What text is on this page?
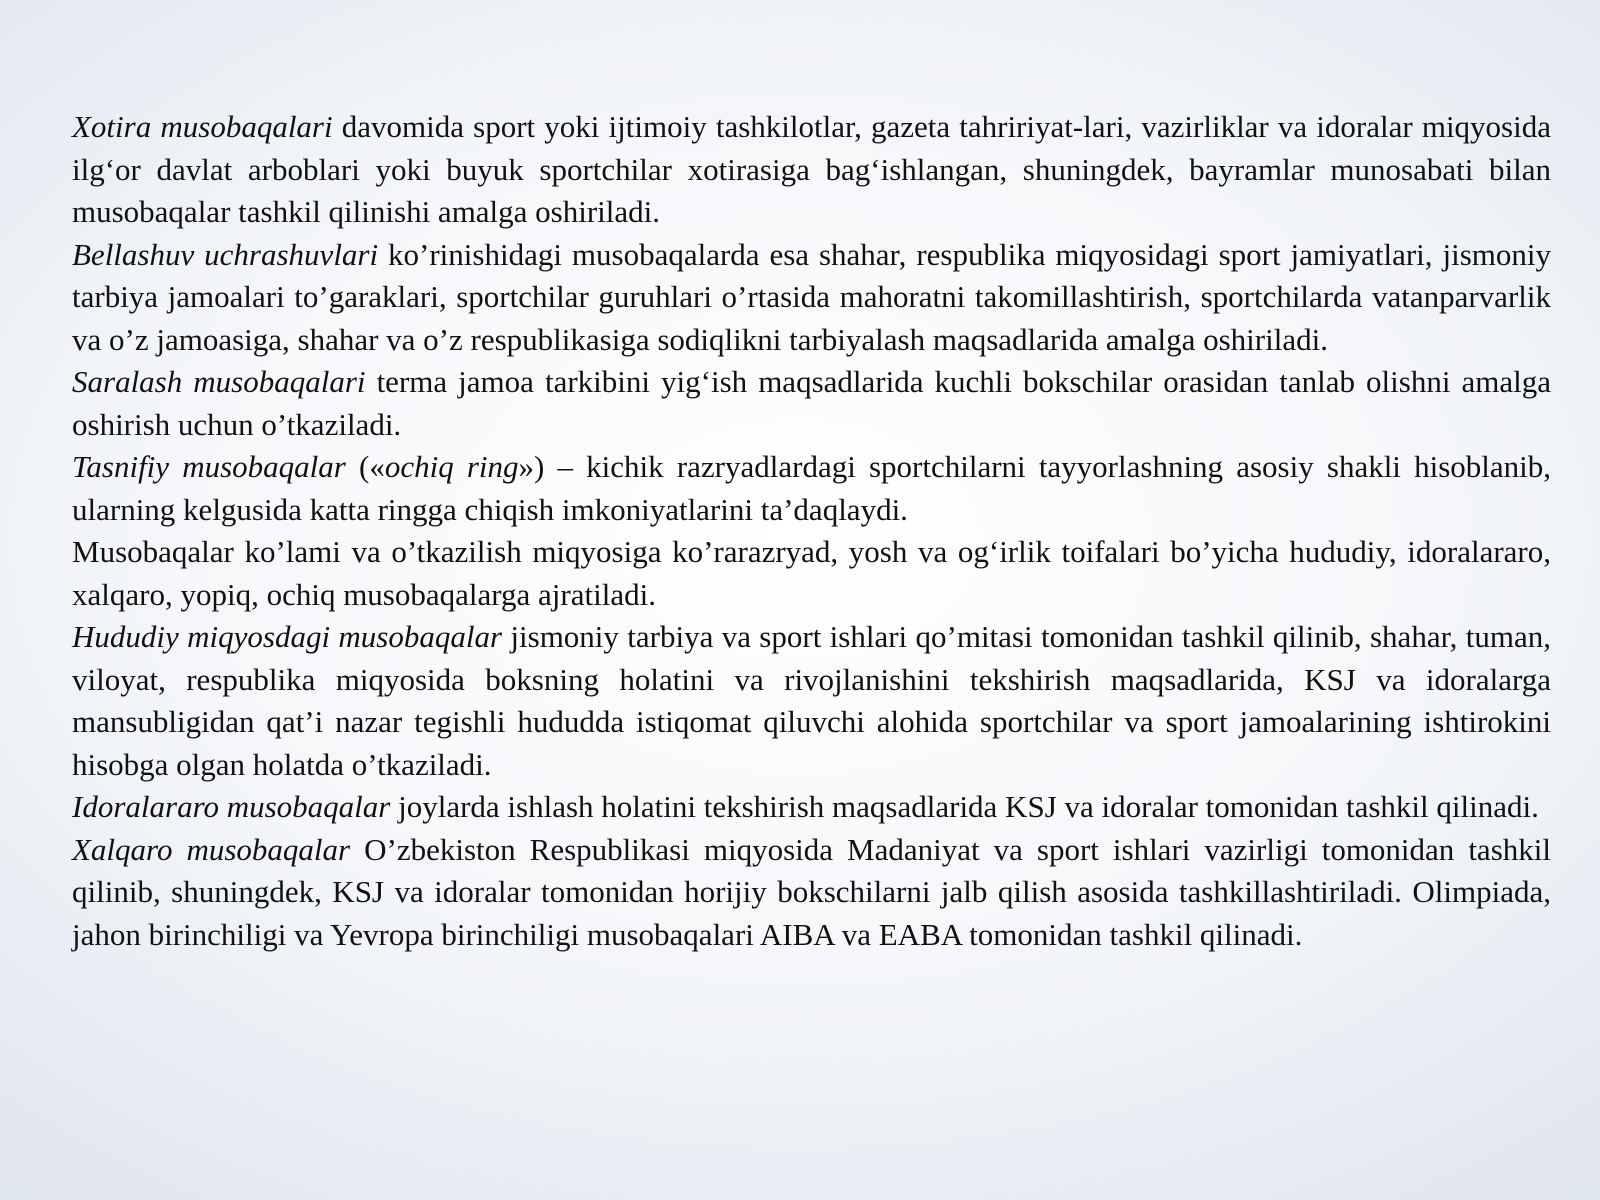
Xotira musobaqalari davomida sport yoki ijtimoiy tashkilotlar, gazeta tahririyat-lari, vazirliklar va idoralar miqyosida ilg‘or davlat arboblari yoki buyuk sportchilar xotirasiga bag‘ishlangan, shuningdek, bayramlar munosabati bilan musobaqalar tashkil qilinishi amalga oshiriladi.

Bellashuv uchrashuvlari ko’rinishidagi musobaqalarda esa shahar, respublika miqyosidagi sport jamiyatlari, jismoniy tarbiya jamoalari to’garaklari, sportchilar guruhlari o’rtasida mahoratni takomillashtirish, sportchilarda vatanparvarlik va o’z jamoasiga, shahar va o’z respublikasiga sodiqlikni tarbiyalash maqsadlarida amalga oshiriladi.

Saralash musobaqalari terma jamoa tarkibini yig‘ish maqsadlarida kuchli bokschilar orasidan tanlab olishni amalga oshirish uchun o’tkaziladi.

Tasnifiy musobaqalar («ochiq ring») – kichik razryadlardagi sportchilarni tayyorlashning asosiy shakli hisoblanib, ularning kelgusida katta ringga chiqish imkoniyatlarini ta’daqlaydi.

Musobaqalar ko’lami va o’tkazilish miqyosiga ko’rarazryad, yosh va og‘irlik toifalari bo’yicha hududiy, idoralararo, xalqaro, yopiq, ochiq musobaqalarga ajratiladi.

Hududiy miqyosdagi musobaqalar jismoniy tarbiya va sport ishlari qo’mitasi tomonidan tashkil qilinib, shahar, tuman, viloyat, respublika miqyosida boksning holatini va rivojlanishini tekshirish maqsadlarida, KSJ va idoralarga mansubligidan qat’i nazar tegishli hududda istiqomat qiluvchi alohida sportchilar va sport jamoalarining ishtirokini hisobga olgan holatda o’tkaziladi.

Idoralararo musobaqalar joylarda ishlash holatini tekshirish maqsadlarida KSJ va idoralar tomonidan tashkil qilinadi.

Xalqaro musobaqalar O’zbekiston Respublikasi miqyosida Madaniyat va sport ishlari vazirligi tomonidan tashkil qilinib, shuningdek, KSJ va idoralar tomonidan horijiy bokschilarni jalb qilish asosida tashkillashtiriladi. Olimpiada, jahon birinchiligi va Yevropa birinchiligi musobaqalari AIBA va EABA tomonidan tashkil qilinadi.
